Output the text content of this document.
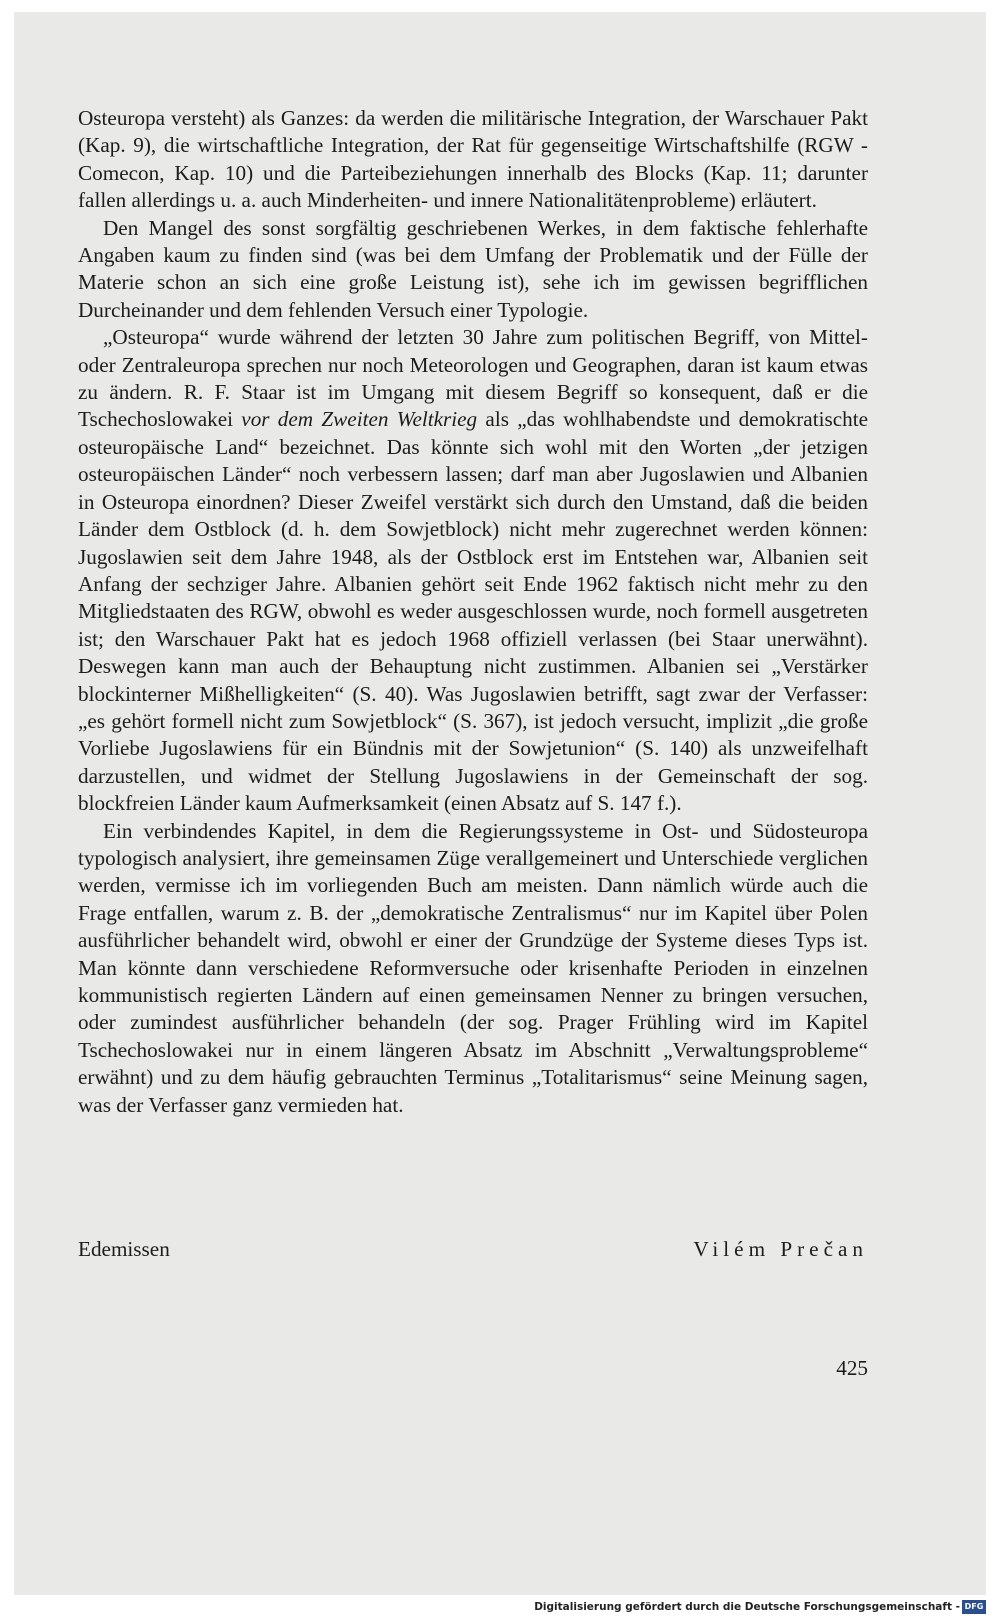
Osteuropa versteht) als Ganzes: da werden die militärische Integration, der Warschauer Pakt (Kap. 9), die wirtschaftliche Integration, der Rat für gegenseitige Wirtschaftshilfe (RGW - Comecon, Kap. 10) und die Parteibeziehungen innerhalb des Blocks (Kap. 11; darunter fallen allerdings u. a. auch Minderheiten- und innere Nationalitätenprobleme) erläutert.

Den Mangel des sonst sorgfältig geschriebenen Werkes, in dem faktische fehlerhafte Angaben kaum zu finden sind (was bei dem Umfang der Problematik und der Fülle der Materie schon an sich eine große Leistung ist), sehe ich im gewissen begrifflichen Durcheinander und dem fehlenden Versuch einer Typologie.

„Osteuropa“ wurde während der letzten 30 Jahre zum politischen Begriff, von Mittel- oder Zentraleuropa sprechen nur noch Meteorologen und Geographen, daran ist kaum etwas zu ändern. R. F. Staar ist im Umgang mit diesem Begriff so konsequent, daß er die Tschechoslowakei vor dem Zweiten Weltkrieg als „das wohlhabendste und demokratischte osteuropäische Land“ bezeichnet. Das könnte sich wohl mit den Worten „der jetzigen osteuropäischen Länder“ noch verbessern lassen; darf man aber Jugoslawien und Albanien in Osteuropa einordnen? Dieser Zweifel verstärkt sich durch den Umstand, daß die beiden Länder dem Ostblock (d. h. dem Sowjetblock) nicht mehr zugerechnet werden können: Jugoslawien seit dem Jahre 1948, als der Ostblock erst im Entstehen war, Albanien seit Anfang der sechziger Jahre. Albanien gehört seit Ende 1962 faktisch nicht mehr zu den Mitgliedstaaten des RGW, obwohl es weder ausgeschlossen wurde, noch formell ausgetreten ist; den Warschauer Pakt hat es jedoch 1968 offiziell verlassen (bei Staar unerwähnt). Deswegen kann man auch der Behauptung nicht zustimmen. Albanien sei „Verstärker blockinterner Mißhelligkeiten“ (S. 40). Was Jugoslawien betrifft, sagt zwar der Verfasser: „es gehört formell nicht zum Sowjetblock“ (S. 367), ist jedoch versucht, implizit „die große Vorliebe Jugoslawiens für ein Bündnis mit der Sowjetunion“ (S. 140) als unzweifelhaft darzustellen, und widmet der Stellung Jugoslawiens in der Gemeinschaft der sog. blockfreien Länder kaum Aufmerksamkeit (einen Absatz auf S. 147 f.).

Ein verbindendes Kapitel, in dem die Regierungssysteme in Ost- und Südosteuropa typologisch analysiert, ihre gemeinsamen Züge verallgemeinert und Unterschiede verglichen werden, vermisse ich im vorliegenden Buch am meisten. Dann nämlich würde auch die Frage entfallen, warum z. B. der „demokratische Zentralismus“ nur im Kapitel über Polen ausführlicher behandelt wird, obwohl er einer der Grundzüge der Systeme dieses Typs ist. Man könnte dann verschiedene Reformversuche oder krisenhafte Perioden in einzelnen kommunistisch regierten Ländern auf einen gemeinsamen Nenner zu bringen versuchen, oder zumindest ausführlicher behandeln (der sog. Prager Frühling wird im Kapitel Tschechoslowakei nur in einem längeren Absatz im Abschnitt „Verwaltungsprobleme“ erwähnt) und zu dem häufig gebrauchten Terminus „Totalitarismus“ seine Meinung sagen, was der Verfasser ganz vermieden hat.

Edemissen	Vilém Prečan
425
Digitalisierung gefördert durch die Deutsche Forschungsgemeinschaft - DFG
